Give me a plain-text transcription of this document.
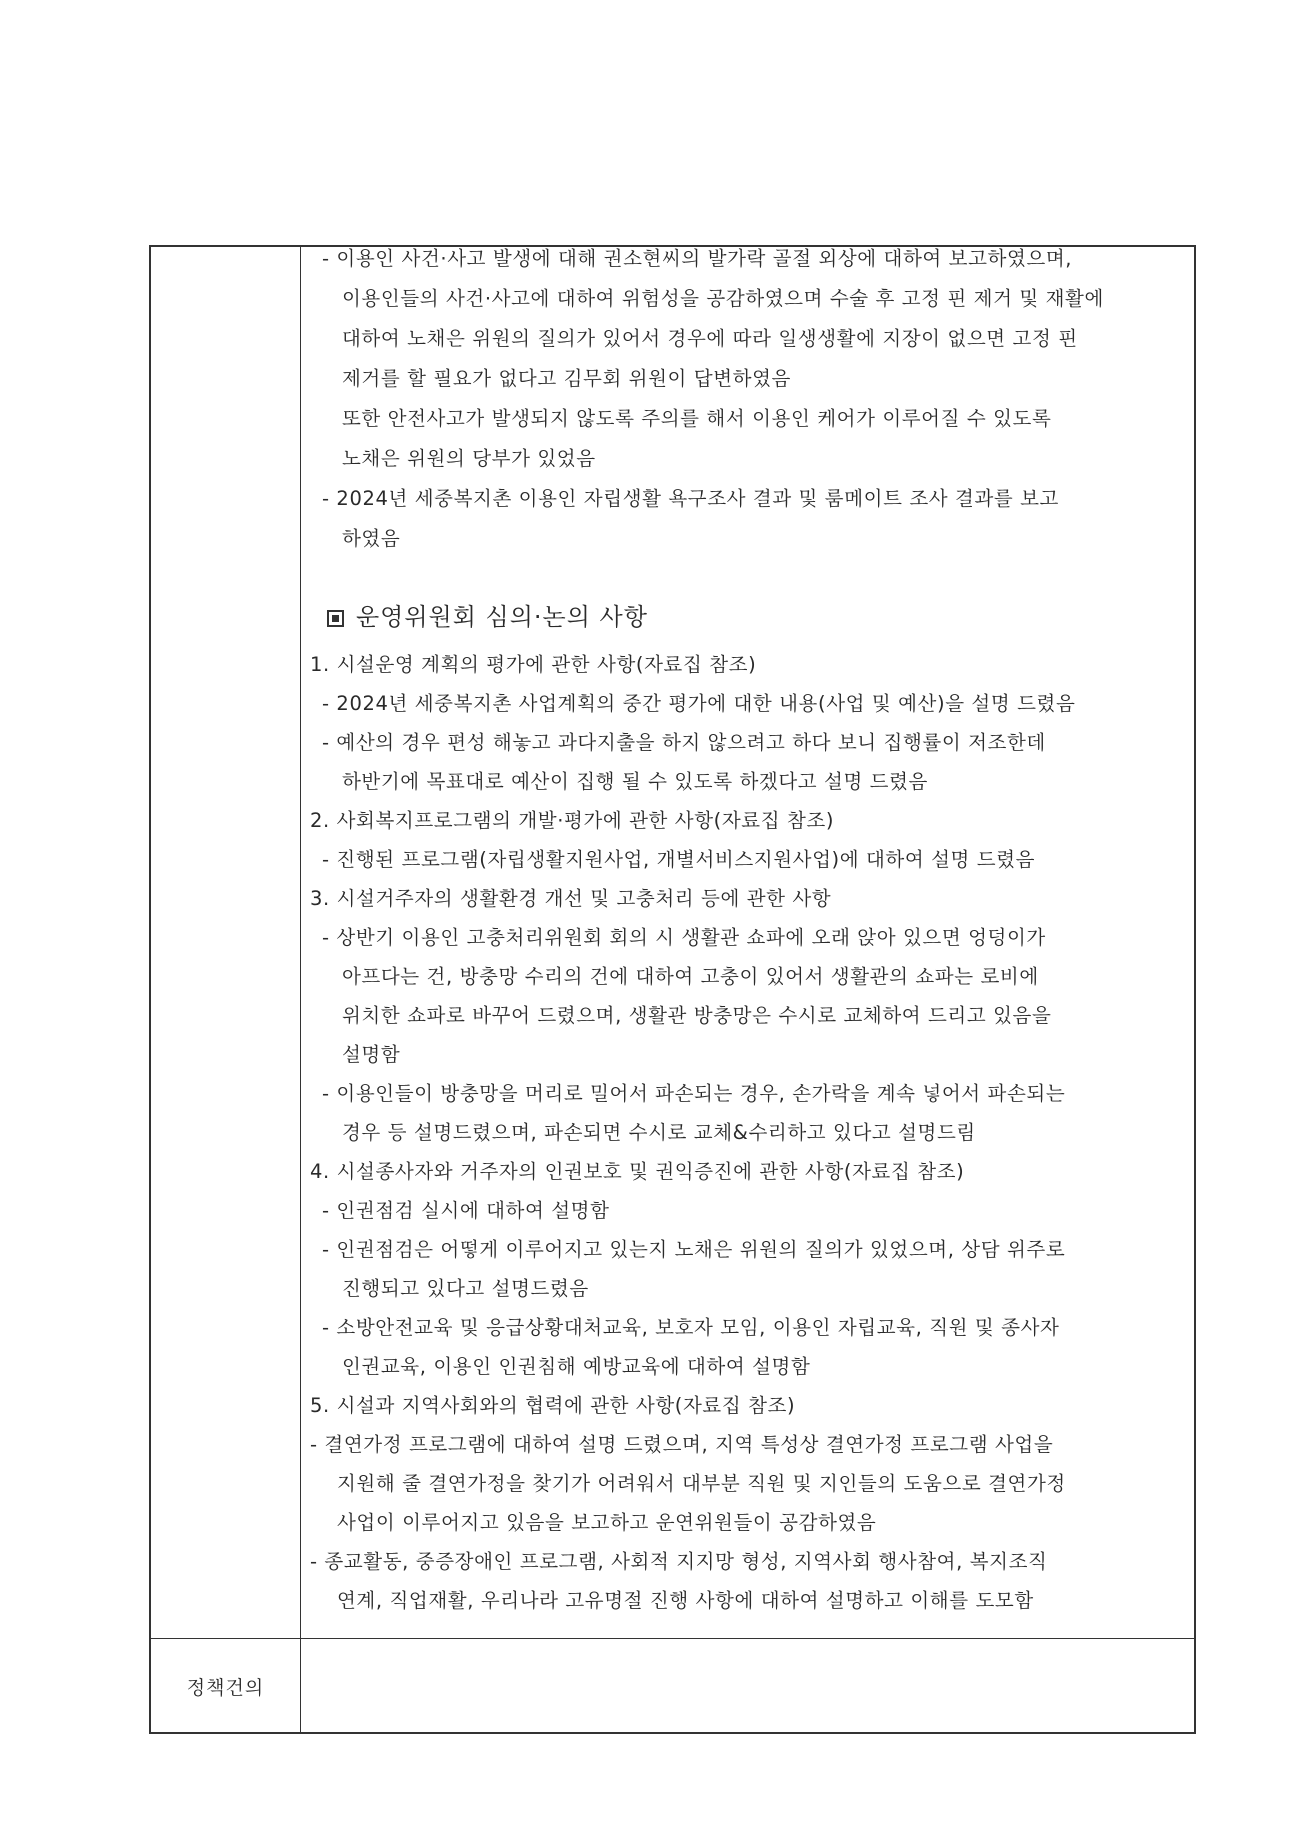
정책건의
- 이용인 사건·사고 발생에 대해 권소현씨의 발가락 골절 외상에 대하여 보고하였으며,
이용인들의 사건·사고에 대하여 위험성을 공감하였으며 수술 후 고정 핀 제거 및 재활에
대하여 노채은 위원의 질의가 있어서 경우에 따라 일생생활에 지장이 없으면 고정 핀
제거를 할 필요가 없다고 김무회 위원이 답변하였음
또한 안전사고가 발생되지 않도록 주의를 해서 이용인 케어가 이루어질 수 있도록
노채은 위원의 당부가 있었음
- 2024년 세중복지촌 이용인 자립생활 욕구조사 결과 및 룸메이트 조사 결과를 보고
하였음
운영위원회 심의·논의 사항
1. 시설운영 계획의 평가에 관한 사항(자료집 참조)
- 2024년 세중복지촌 사업계획의 중간 평가에 대한 내용(사업 및 예산)을 설명 드렸음
- 예산의 경우 편성 해놓고 과다지출을 하지 않으려고 하다 보니 집행률이 저조한데
하반기에 목표대로 예산이 집행 될 수 있도록 하겠다고 설명 드렸음
2. 사회복지프로그램의 개발·평가에 관한 사항(자료집 참조)
- 진행된 프로그램(자립생활지원사업, 개별서비스지원사업)에 대하여 설명 드렸음
3. 시설거주자의 생활환경 개선 및 고충처리 등에 관한 사항
- 상반기 이용인 고충처리위원회 회의 시 생활관 쇼파에 오래 앉아 있으면 엉덩이가
아프다는 건, 방충망 수리의 건에 대하여 고충이 있어서 생활관의 쇼파는 로비에
위치한 쇼파로 바꾸어 드렸으며, 생활관 방충망은 수시로 교체하여 드리고 있음을
설명함
- 이용인들이 방충망을 머리로 밀어서 파손되는 경우, 손가락을 계속 넣어서 파손되는
경우 등 설명드렸으며, 파손되면 수시로 교체&수리하고 있다고 설명드림
4. 시설종사자와 거주자의 인권보호 및 권익증진에 관한 사항(자료집 참조)
- 인권점검 실시에 대하여 설명함
- 인권점검은 어떻게 이루어지고 있는지 노채은 위원의 질의가 있었으며, 상담 위주로
진행되고 있다고 설명드렸음
- 소방안전교육 및 응급상황대처교육, 보호자 모임, 이용인 자립교육, 직원 및 종사자
인권교육, 이용인 인권침해 예방교육에 대하여 설명함
5. 시설과 지역사회와의 협력에 관한 사항(자료집 참조)
- 결연가정 프로그램에 대하여 설명 드렸으며, 지역 특성상 결연가정 프로그램 사업을
지원해 줄 결연가정을 찾기가 어려워서 대부분 직원 및 지인들의 도움으로 결연가정
사업이 이루어지고 있음을 보고하고 운연위원들이 공감하였음
- 종교활동, 중증장애인 프로그램, 사회적 지지망 형성, 지역사회 행사참여, 복지조직
연계, 직업재활, 우리나라 고유명절 진행 사항에 대하여 설명하고 이해를 도모함
